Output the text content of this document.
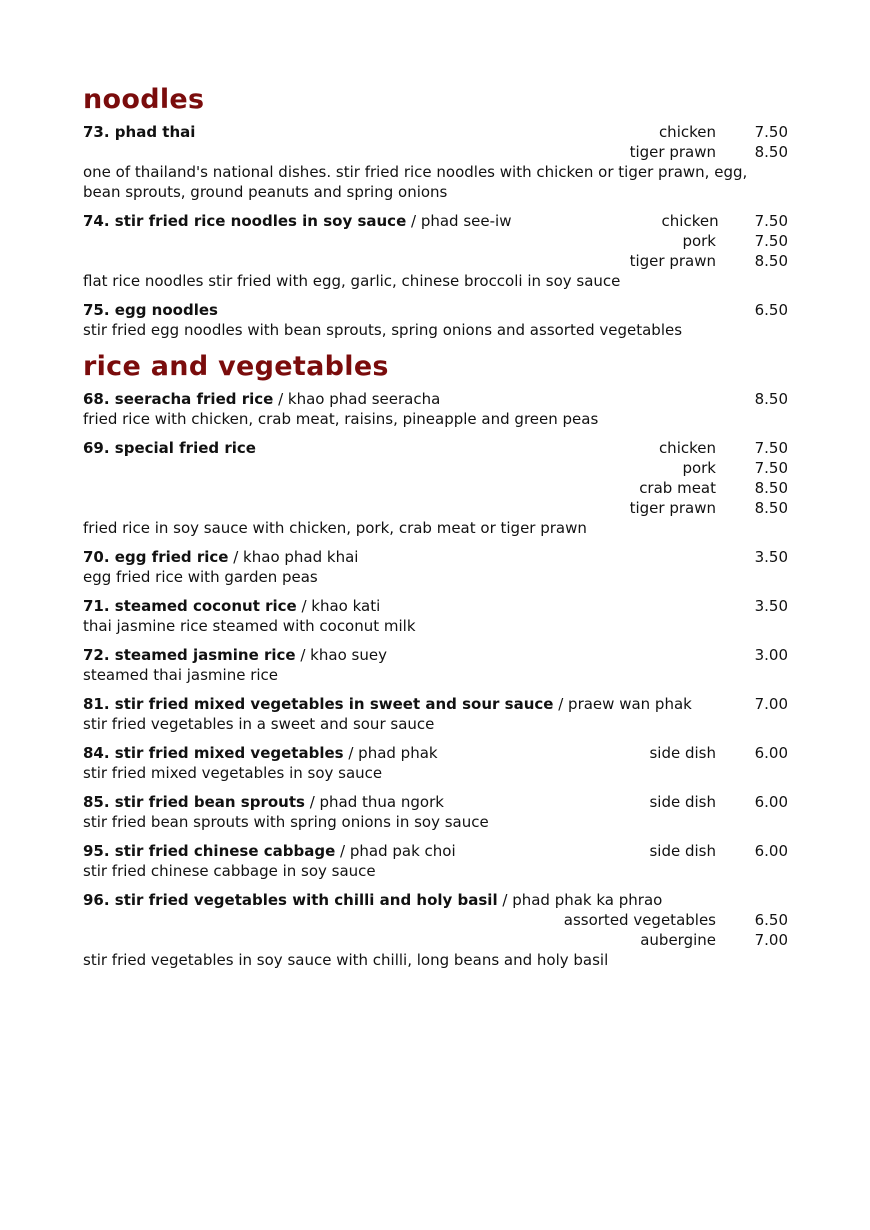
noodles
73. phad thai	chicken	7.50
tiger prawn	8.50
one of thailand's national dishes. stir fried rice noodles with chicken or tiger prawn, egg, bean sprouts, ground peanuts and spring onions
74. stir fried rice noodles in soy sauce / phad see-iw	chicken	7.50
pork	7.50
tiger prawn	8.50
flat rice noodles stir fried with egg, garlic, chinese broccoli in soy sauce
75. egg noodles	6.50
stir fried egg noodles with bean sprouts, spring onions and assorted vegetables
rice and vegetables
68. seeracha fried rice / khao phad seeracha	8.50
fried rice with chicken, crab meat, raisins, pineapple and green peas
69. special fried rice	chicken	7.50
pork	7.50
crab meat	8.50
tiger prawn	8.50
fried rice in soy sauce with chicken, pork, crab meat or tiger prawn
70. egg fried rice / khao phad khai	3.50
egg fried rice with garden peas
71. steamed coconut rice / khao kati	3.50
thai jasmine rice steamed with coconut milk
72. steamed jasmine rice / khao suey	3.00
steamed thai jasmine rice
81. stir fried mixed vegetables in sweet and sour sauce / praew wan phak	7.00
stir fried vegetables in a sweet and sour sauce
84. stir fried mixed vegetables / phad phak	side dish	6.00
stir fried mixed vegetables in soy sauce
85. stir fried bean sprouts / phad thua ngork	side dish	6.00
stir fried bean sprouts with spring onions in soy sauce
95. stir fried chinese cabbage / phad pak choi	side dish	6.00
stir fried chinese cabbage in soy sauce
96. stir fried vegetables with chilli and holy basil / phad phak ka phrao
assorted vegetables	6.50
aubergine	7.00
stir fried vegetables in soy sauce with chilli, long beans and holy basil
